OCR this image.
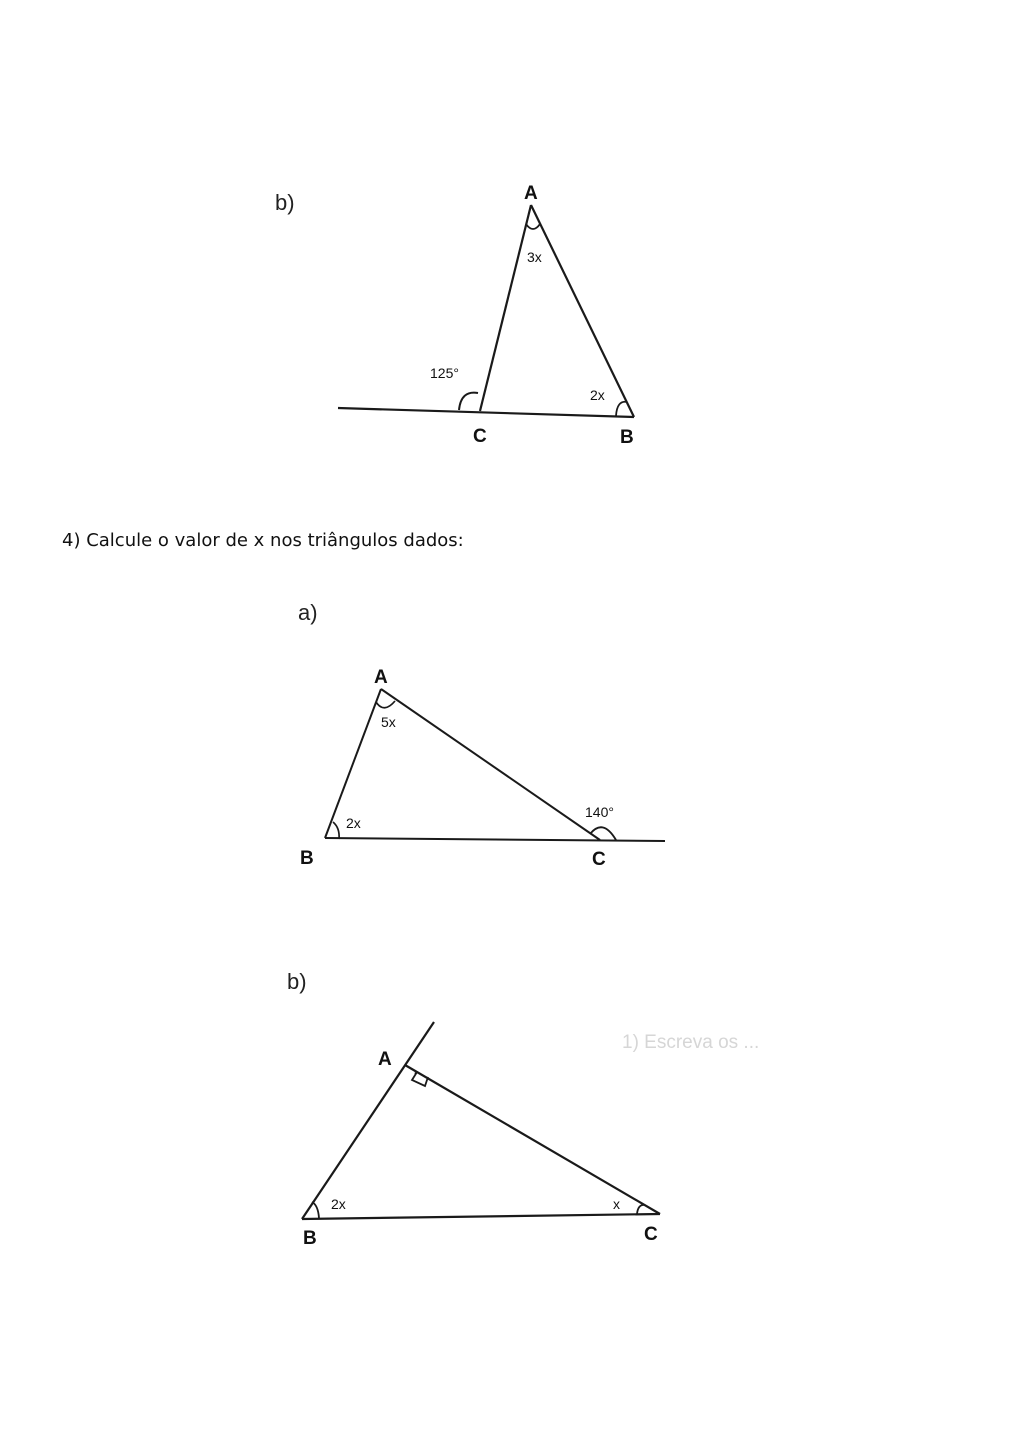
b)	A
B
C
3x
2x
125°
a)
A
B	C
5x
2x
140°
1) Escreva os ...
b)
·
A
B	C
2x	x

4) Calcule o valor de x nos triângulos dados:
